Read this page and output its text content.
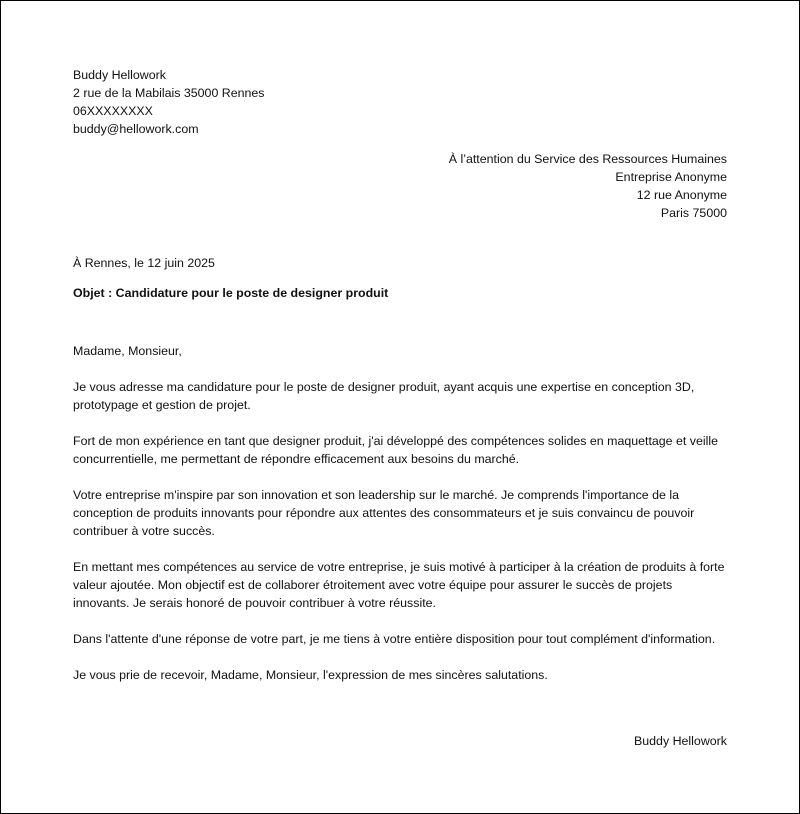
Buddy Hellowork
2 rue de la Mabilais 35000 Rennes
06XXXXXXXX
buddy@hellowork.com
À l’attention du Service des Ressources Humaines
Entreprise Anonyme
12 rue Anonyme
Paris 75000
À Rennes, le 12 juin 2025
Objet : Candidature pour le poste de designer produit

Madame, Monsieur,

Je vous adresse ma candidature pour le poste de designer produit, ayant acquis une expertise en conception 3D, prototypage et gestion de projet.

Fort de mon expérience en tant que designer produit, j'ai développé des compétences solides en maquettage et veille concurrentielle, me permettant de répondre efficacement aux besoins du marché.

Votre entreprise m'inspire par son innovation et son leadership sur le marché. Je comprends l'importance de la conception de produits innovants pour répondre aux attentes des consommateurs et je suis convaincu de pouvoir contribuer à votre succès.

En mettant mes compétences au service de votre entreprise, je suis motivé à participer à la création de produits à forte valeur ajoutée. Mon objectif est de collaborer étroitement avec votre équipe pour assurer le succès de projets innovants. Je serais honoré de pouvoir contribuer à votre réussite.

Dans l'attente d'une réponse de votre part, je me tiens à votre entière disposition pour tout complément d'information.

Je vous prie de recevoir, Madame, Monsieur, l'expression de mes sincères salutations.

Buddy Hellowork
